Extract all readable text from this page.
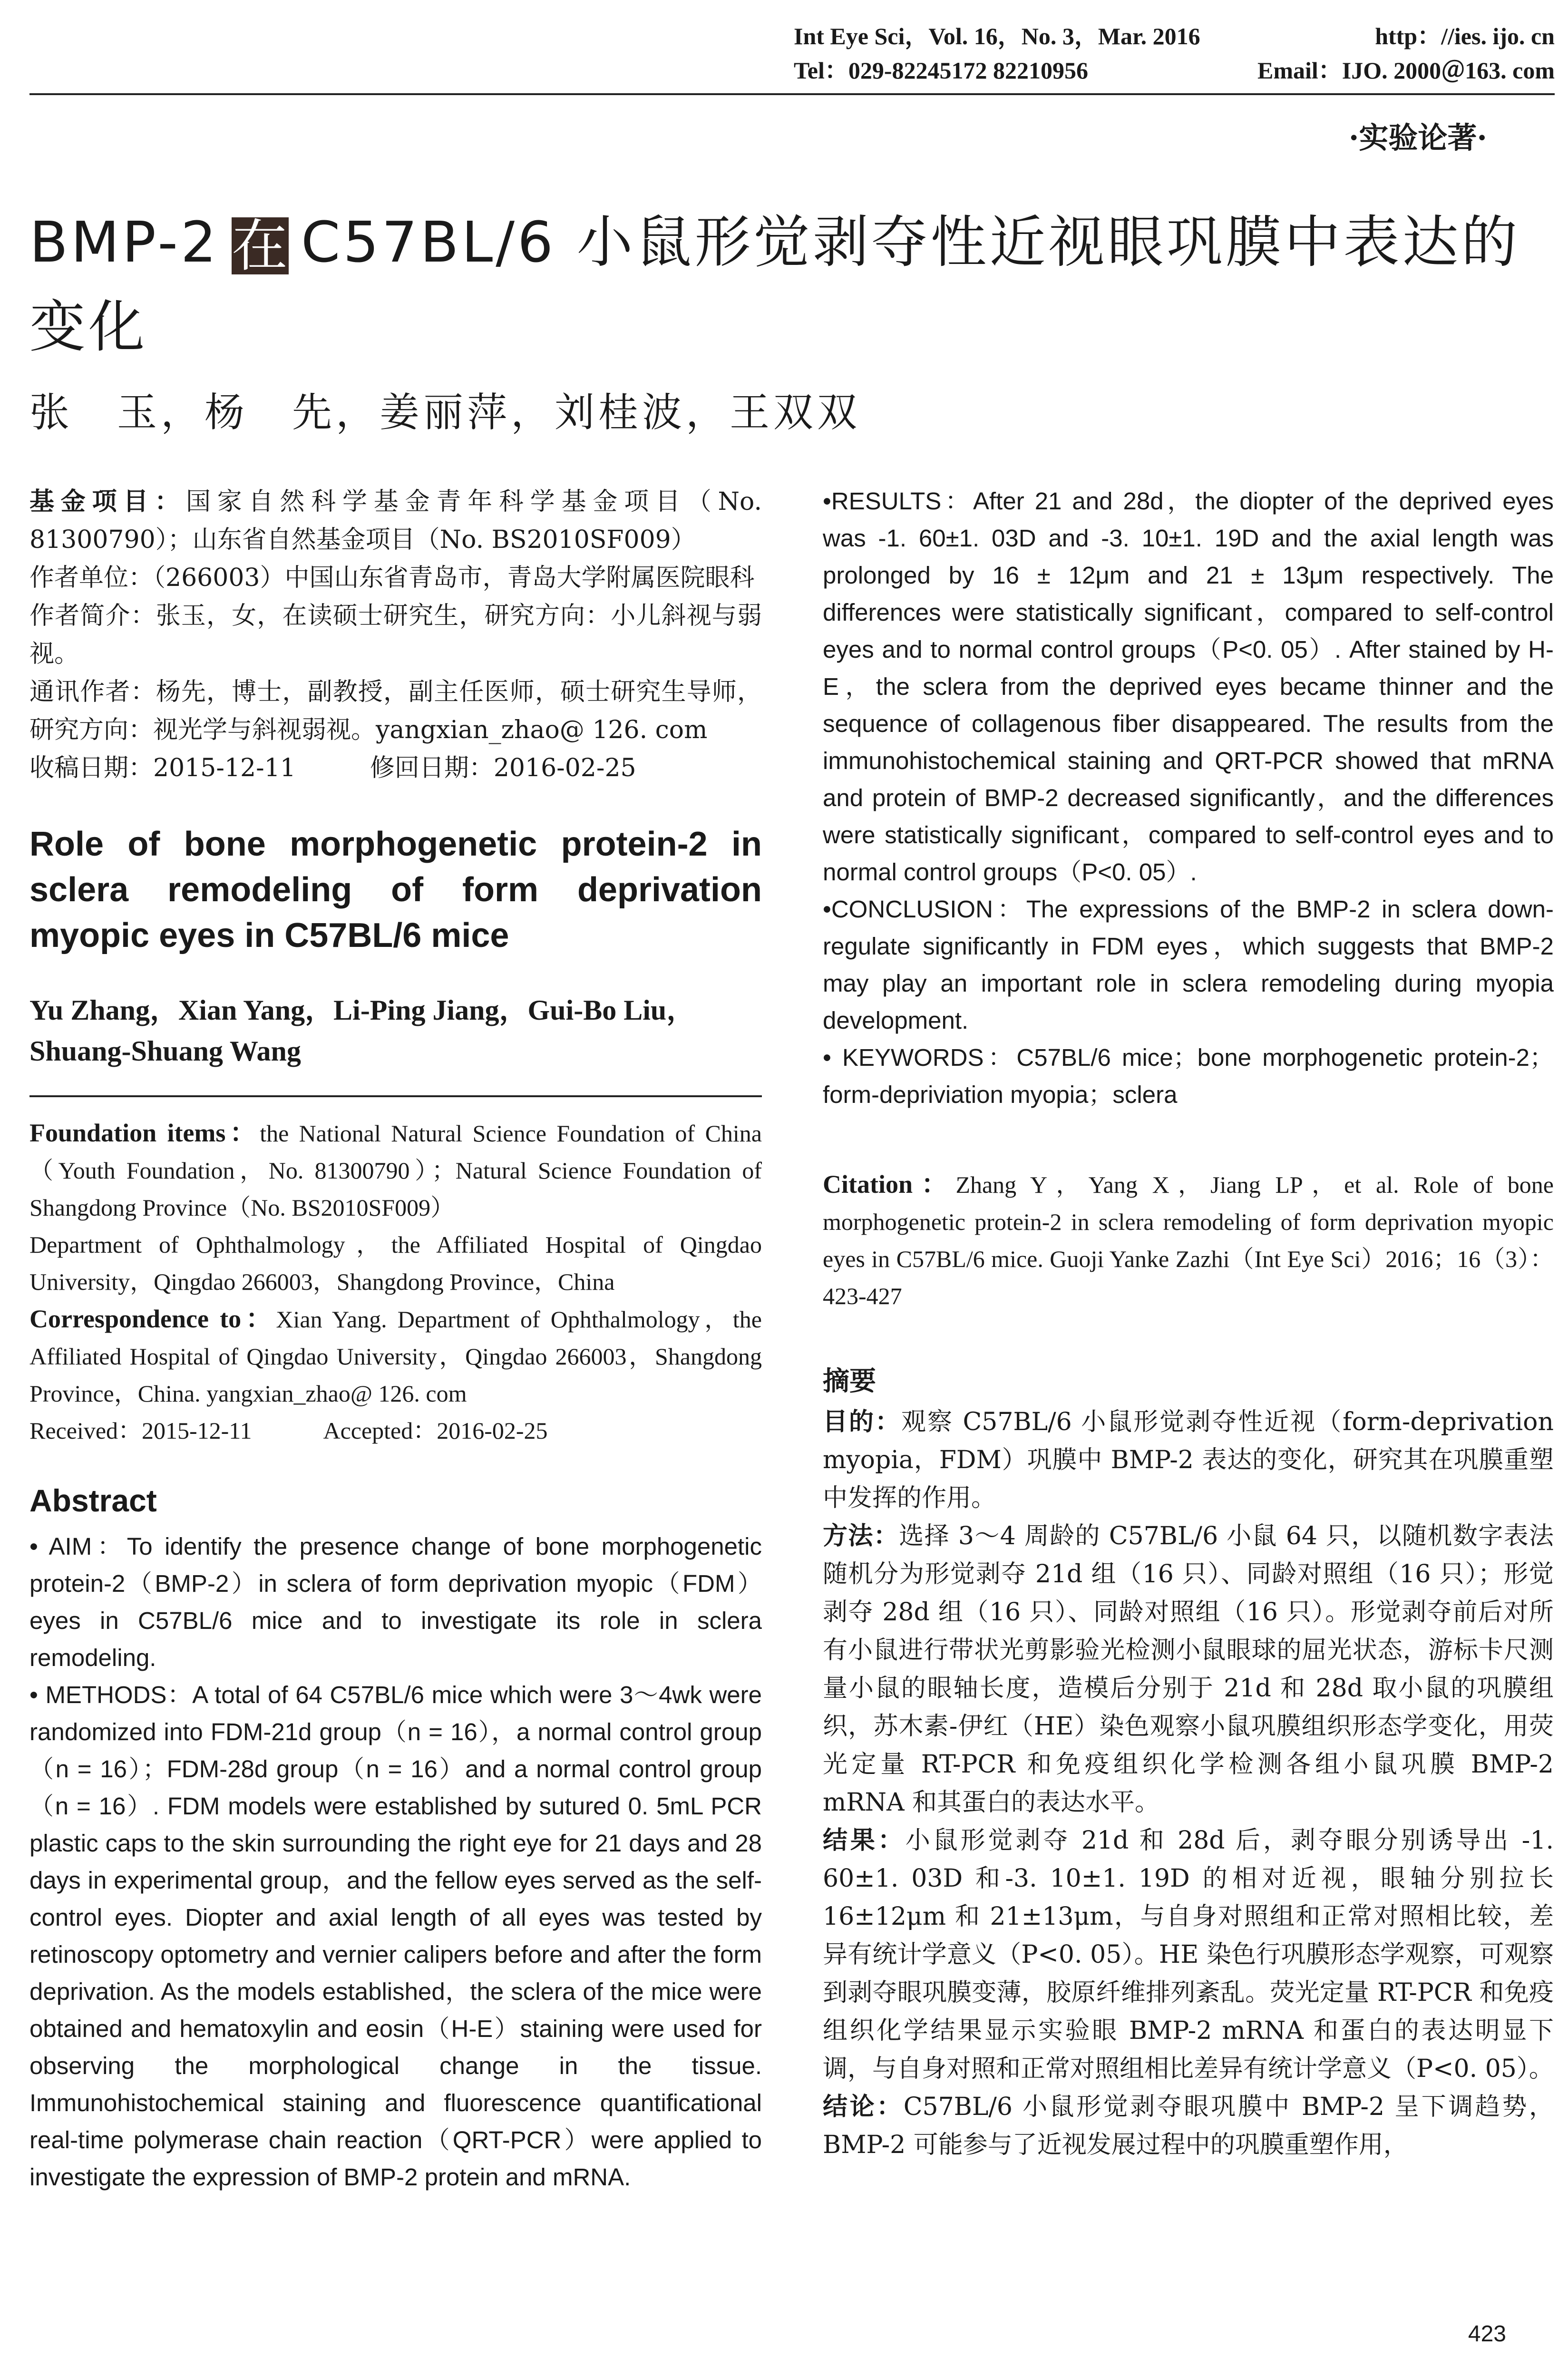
Int Eye Sci，Vol. 16，No. 3，Mar. 2016	http：//ies. ijo. cn
Tel：029-82245172 82210956	Email：IJO. 2000＠163. com
·实验论著·
BMP-2 在 C57BL/6 小鼠形觉剥夺性近视眼巩膜中表达的变化
张　玉，杨　先，姜丽萍，刘桂波，王双双

基金项目：国家自然科学基金青年科学基金项目（No. 81300790）；山东省自然基金项目（No. BS2010SF009）

作者单位：（266003）中国山东省青岛市，青岛大学附属医院眼科

作者简介：张玉，女，在读硕士研究生，研究方向：小儿斜视与弱视。

通讯作者：杨先，博士，副教授，副主任医师，硕士研究生导师，研究方向：视光学与斜视弱视。yangxian_zhao@ 126. com

收稿日期：2015-12-11　　　修回日期：2016-02-25

Role of bone morphogenetic protein-2 in sclera remodeling of form deprivation myopic eyes in C57BL/6 mice
Yu Zhang，Xian Yang，Li-Ping Jiang，Gui-Bo Liu，Shuang-Shuang Wang

Foundation items：the National Natural Science Foundation of China（Youth Foundation，No. 81300790）；Natural Science Foundation of Shangdong Province（No. BS2010SF009）

Department of Ophthalmology，the Affiliated Hospital of Qingdao University，Qingdao 266003，Shangdong Province，China

Correspondence to：Xian Yang. Department of Ophthalmology，the Affiliated Hospital of Qingdao University，Qingdao 266003，Shangdong Province，China. yangxian_zhao@ 126. com

Received：2015-12-11　　　Accepted：2016-02-25

Abstract

• AIM：To identify the presence change of bone morphogenetic protein-2（BMP-2）in sclera of form deprivation myopic（FDM）eyes in C57BL/6 mice and to investigate its role in sclera remodeling.

• METHODS：A total of 64 C57BL/6 mice which were 3～4wk were randomized into FDM-21d group（n = 16），a normal control group（n = 16）；FDM-28d group（n = 16）and a normal control group（n = 16）. FDM models were established by sutured 0. 5mL PCR plastic caps to the skin surrounding the right eye for 21 days and 28 days in experimental group，and the fellow eyes served as the self-control eyes. Diopter and axial length of all eyes was tested by retinoscopy optometry and vernier calipers before and after the form deprivation. As the models established，the sclera of the mice were obtained and hematoxylin and eosin（H-E）staining were used for observing the morphological change in the tissue. Immunohistochemical staining and fluorescence quantificational real-time polymerase chain reaction（QRT-PCR）were applied to investigate the expression of BMP-2 protein and mRNA.

•RESULTS：After 21 and 28d，the diopter of the deprived eyes was -1. 60±1. 03D and -3. 10±1. 19D and the axial length was prolonged by 16 ± 12μm and 21 ± 13μm respectively. The differences were statistically significant，compared to self-control eyes and to normal control groups（P<0. 05）. After stained by H-E，the sclera from the deprived eyes became thinner and the sequence of collagenous fiber disappeared. The results from the immunohistochemical staining and QRT-PCR showed that mRNA and protein of BMP-2 decreased significantly，and the differences were statistically significant，compared to self-control eyes and to normal control groups（P<0. 05）.

•CONCLUSION：The expressions of the BMP-2 in sclera down-regulate significantly in FDM eyes，which suggests that BMP-2 may play an important role in sclera remodeling during myopia development.

• KEYWORDS：C57BL/6 mice；bone morphogenetic protein-2；form-depriviation myopia；sclera

Citation：Zhang Y，Yang X，Jiang LP，et al. Role of bone morphogenetic protein-2 in sclera remodeling of form deprivation myopic eyes in C57BL/6 mice. Guoji Yanke Zazhi（Int Eye Sci）2016；16（3）：423-427

摘要

目的：观察 C57BL/6 小鼠形觉剥夺性近视（form-deprivation myopia，FDM）巩膜中 BMP-2 表达的变化，研究其在巩膜重塑中发挥的作用。

方法：选择 3～4 周龄的 C57BL/6 小鼠 64 只，以随机数字表法随机分为形觉剥夺 21d 组（16 只）、同龄对照组（16 只）；形觉剥夺 28d 组（16 只）、同龄对照组（16 只）。形觉剥夺前后对所有小鼠进行带状光剪影验光检测小鼠眼球的屈光状态，游标卡尺测量小鼠的眼轴长度，造模后分别于 21d 和 28d 取小鼠的巩膜组织，苏木素-伊红（HE）染色观察小鼠巩膜组织形态学变化，用荧光定量 RT-PCR 和免疫组织化学检测各组小鼠巩膜 BMP-2 mRNA 和其蛋白的表达水平。

结果：小鼠形觉剥夺 21d 和 28d 后，剥夺眼分别诱导出 -1. 60±1. 03D 和-3. 10±1. 19D 的相对近视，眼轴分别拉长 16±12μm 和 21±13μm，与自身对照组和正常对照相比较，差异有统计学意义（P<0. 05）。HE 染色行巩膜形态学观察，可观察到剥夺眼巩膜变薄，胶原纤维排列紊乱。荧光定量 RT-PCR 和免疫组织化学结果显示实验眼 BMP-2 mRNA 和蛋白的表达明显下调，与自身对照和正常对照组相比差异有统计学意义（P<0. 05）。

结论：C57BL/6 小鼠形觉剥夺眼巩膜中 BMP-2 呈下调趋势，BMP-2 可能参与了近视发展过程中的巩膜重塑作用，

423
